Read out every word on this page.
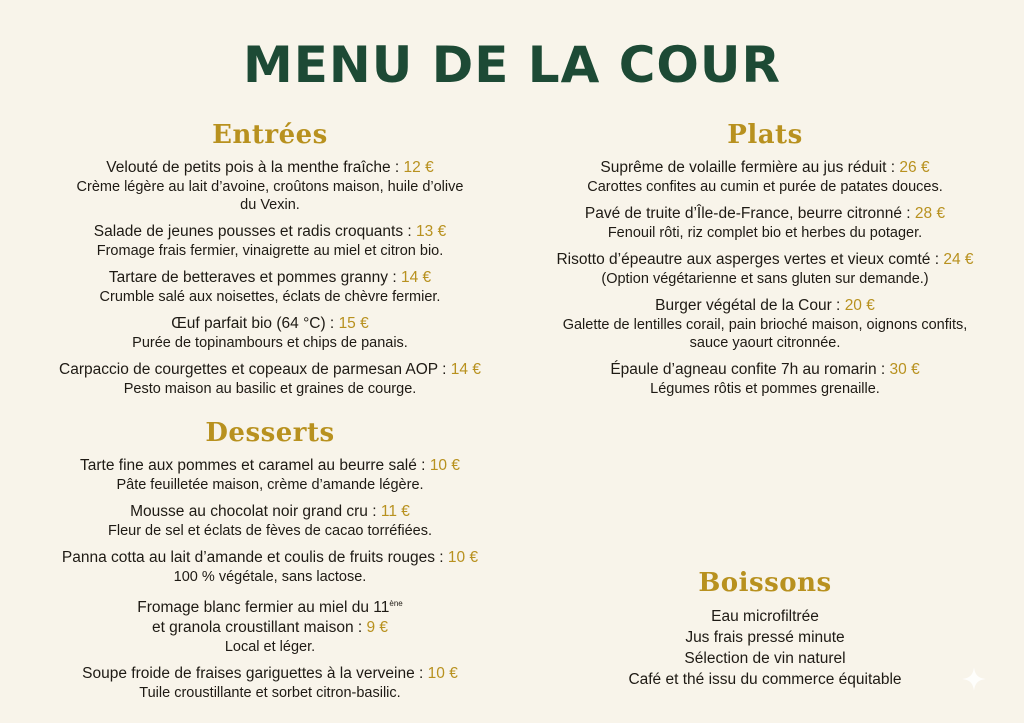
MENU DE LA COUR
Entrées
Velouté de petits pois à la menthe fraîche : 12 €
Crème légère au lait d’avoine, croûtons maison, huile d’olive
du Vexin.
Salade de jeunes pousses et radis croquants : 13 €
Fromage frais fermier, vinaigrette au miel et citron bio.
Tartare de betteraves et pommes granny : 14 €
Crumble salé aux noisettes, éclats de chèvre fermier.
Œuf parfait bio (64 °C) : 15 €
Purée de topinambours et chips de panais.
Carpaccio de courgettes et copeaux de parmesan AOP : 14 €
Pesto maison au basilic et graines de courge.
Desserts
Tarte fine aux pommes et caramel au beurre salé : 10 €
Pâte feuilletée maison, crème d’amande légère.
Mousse au chocolat noir grand cru : 11 €
Fleur de sel et éclats de fèves de cacao torréfiées.
Panna cotta au lait d’amande et coulis de fruits rouges : 10 €
100 % végétale, sans lactose.
Fromage blanc fermier au miel du $11^{ène}$
et granola croustillant maison : 9 €
Local et léger.
Soupe froide de fraises gariguettes à la verveine : 10 €
Tuile croustillante et sorbet citron-basilic.
Plats
Suprême de volaille fermière au jus réduit : 26 €
Carottes confites au cumin et purée de patates douces.
Pavé de truite d’Île-de-France, beurre citronné : 28 €
Fenouil rôti, riz complet bio et herbes du potager.
Risotto d’épeautre aux asperges vertes et vieux comté : 24 €
(Option végétarienne et sans gluten sur demande.)
Burger végétal de la Cour : 20 €
Galette de lentilles corail, pain brioché maison, oignons confits,
sauce yaourt citronnée.
Épaule d’agneau confite 7h au romarin : 30 €
Légumes rôtis et pommes grenaille.
Boissons
Eau microfiltrée
Jus frais pressé minute
Sélection de vin naturel
Café et thé issu du commerce équitable
